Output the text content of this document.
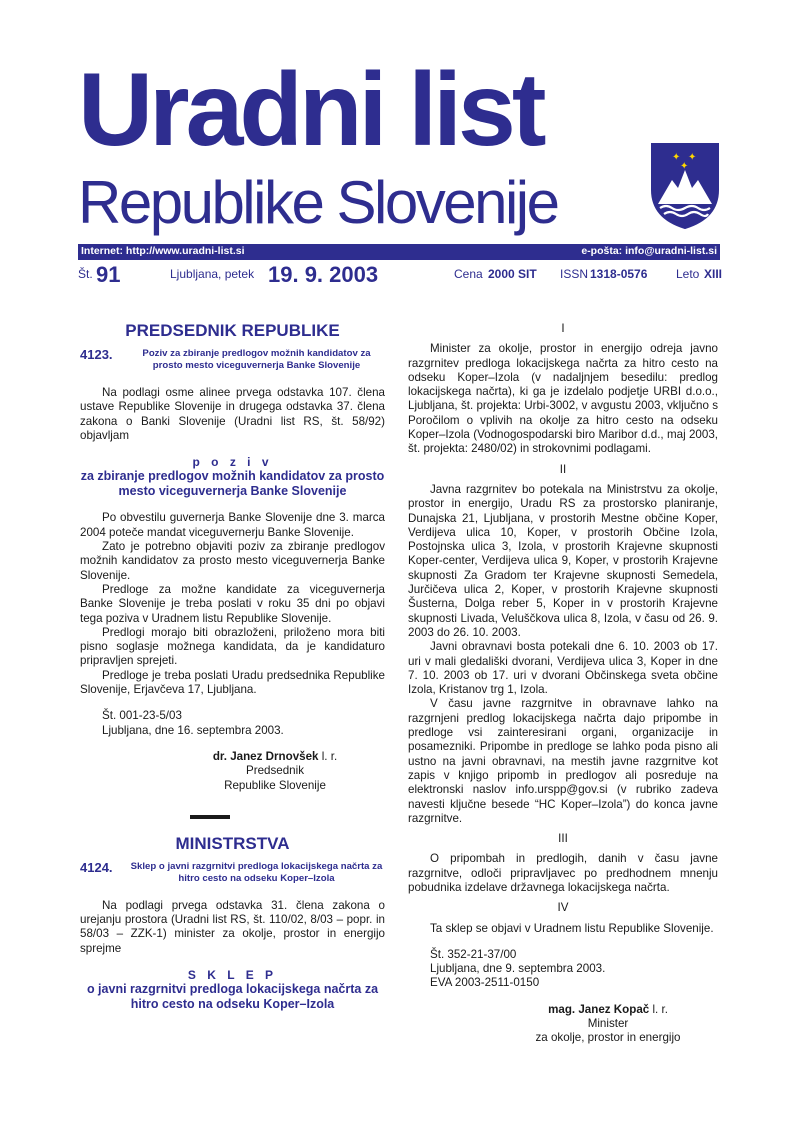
Uradni list
Republike Slovenije
✦ ✦
✦
Internet: http://www.uradni-list.si	e-pošta: info@uradni-list.si
Št. 91	Ljubljana, petek 19. 9. 2003	Cena 2000 SIT ISSN 1318-0576 Leto XIII
PREDSEDNIK REPUBLIKE
4123.	Poziv za zbiranje predlogov možnih kandidatov za prosto mesto viceguvernerja Banke Slovenije

Na podlagi osme alinee prvega odstavka 107. člena ustave Republike Slovenije in drugega odstavka 37. člena zakona o Banki Slovenije (Uradni list RS, št. 58/92) objavljam

p o z i v
za zbiranje predlogov možnih kandidatov za prosto mesto viceguvernerja Banke Slovenije

Po obvestilu guvernerja Banke Slovenije dne 3. marca 2004 poteče mandat viceguvernerju Banke Slovenije.

Zato je potrebno objaviti poziv za zbiranje predlogov možnih kandidatov za prosto mesto viceguvernerja Banke Slovenije.

Predloge za možne kandidate za viceguvernerja Banke Slovenije je treba poslati v roku 35 dni po objavi tega poziva v Uradnem listu Republike Slovenije.

Predlogi morajo biti obrazloženi, priloženo mora biti pisno soglasje možnega kandidata, da je kandidaturo pripravljen sprejeti.

Predloge je treba poslati Uradu predsednika Republike Slovenije, Erjavčeva 17, Ljubljana.

Št. 001-23-5/03

Ljubljana, dne 16. septembra 2003.

dr. Janez Drnovšek l. r.
Predsednik
Republike Slovenije
MINISTRSTVA
4124.	Sklep o javni razgrnitvi predloga lokacijskega načrta za hitro cesto na odseku Koper–Izola

Na podlagi prvega odstavka 31. člena zakona o urejanju prostora (Uradni list RS, št. 110/02, 8/03 – popr. in 58/03 – ZZK-1) minister za okolje, prostor in energijo sprejme

S K L E P
o javni razgrnitvi predloga lokacijskega načrta za hitro cesto na odseku Koper–Izola
I

Minister za okolje, prostor in energijo odreja javno razgrnitev predloga lokacijskega načrta za hitro cesto na odseku Koper–Izola (v nadaljnjem besedilu: predlog lokacijskega načrta), ki ga je izdelalo podjetje URBI d.o.o., Ljubljana, št. projekta: Urbi-3002, v avgustu 2003, vključno s Poročilom o vplivih na okolje za hitro cesto na odseku Koper–Izola (Vodnogospodarski biro Maribor d.d., maj 2003, št. projekta: 2480/02) in strokovnimi podlagami.

II

Javna razgrnitev bo potekala na Ministrstvu za okolje, prostor in energijo, Uradu RS za prostorsko planiranje, Dunajska 21, Ljubljana, v prostorih Mestne občine Koper, Verdijeva ulica 10, Koper, v prostorih Občine Izola, Postojnska ulica 3, Izola, v prostorih Krajevne skupnosti Koper-center, Verdijeva ulica 9, Koper, v prostorih Krajevne skupnosti Za Gradom ter Krajevne skupnosti Semedela, Jurčičeva ulica 2, Koper, v prostorih Krajevne skupnosti Šusterna, Dolga reber 5, Koper in v prostorih Krajevne skupnosti Livada, Veluščkova ulica 8, Izola, v času od 26. 9. 2003 do 26. 10. 2003.

Javni obravnavi bosta potekali dne 6. 10. 2003 ob 17. uri v mali gledališki dvorani, Verdijeva ulica 3, Koper in dne 7. 10. 2003 ob 17. uri v dvorani Občinskega sveta občine Izola, Kristanov trg 1, Izola.

V času javne razgrnitve in obravnave lahko na razgrnjeni predlog lokacijskega načrta dajo pripombe in predloge vsi zainteresirani organi, organizacije in posamezniki. Pripombe in predloge se lahko poda pisno ali ustno na javni obravnavi, na mestih javne razgrnitve kot zapis v knjigo pripomb in predlogov ali posreduje na elektronski naslov info.urspp@gov.si (v rubriko zadeva navesti ključne besede “HC Koper–Izola”) do konca javne razgrnitve.

III

O pripombah in predlogih, danih v času javne razgrnitve, odloči pripravljavec po predhodnem mnenju pobudnika izdelave državnega lokacijskega načrta.

IV

Ta sklep se objavi v Uradnem listu Republike Slovenije.

Št. 352-21-37/00

Ljubljana, dne 9. septembra 2003.

EVA 2003-2511-0150

mag. Janez Kopač l. r.
Minister
za okolje, prostor in energijo
